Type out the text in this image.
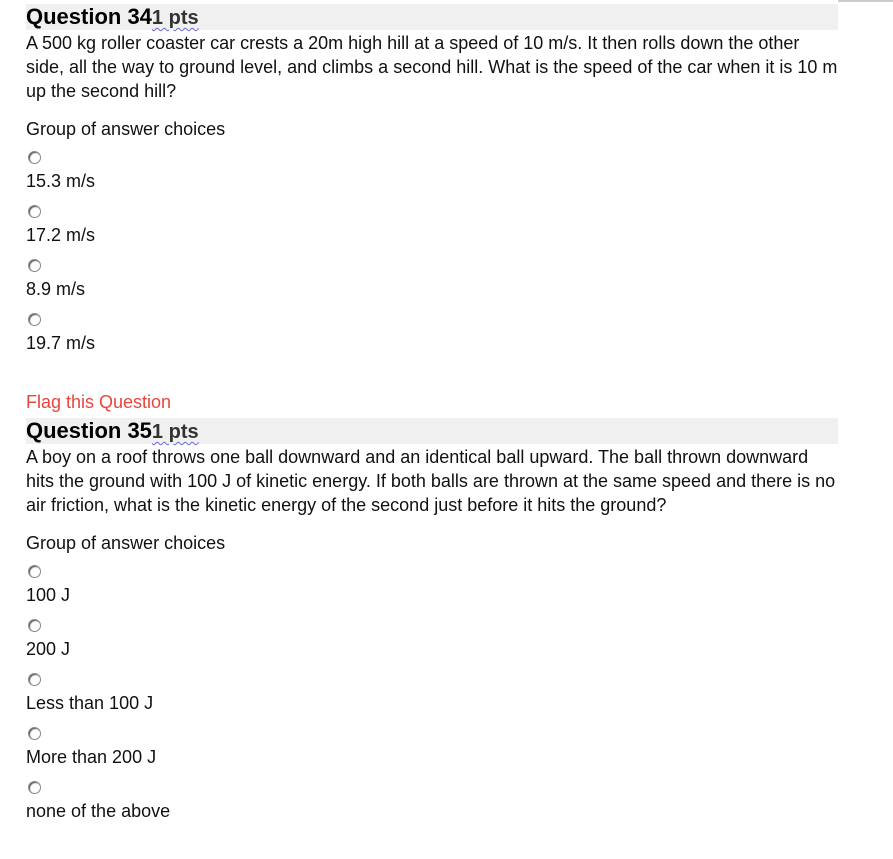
Question 341 pts
A 500 kg roller coaster car crests a 20m high hill at a speed of 10 m/s. It then rolls down the other side, all the way to ground level, and climbs a second hill. What is the speed of the car when it is 10 m up the second hill?
Group of answer choices
15.3 m/s
17.2 m/s
8.9 m/s
19.7 m/s
Flag this Question
Question 351 pts
A boy on a roof throws one ball downward and an identical ball upward. The ball thrown downward hits the ground with 100 J of kinetic energy. If both balls are thrown at the same speed and there is no air friction, what is the kinetic energy of the second just before it hits the ground?
Group of answer choices
100 J
200 J
Less than 100 J
More than 200 J
none of the above
